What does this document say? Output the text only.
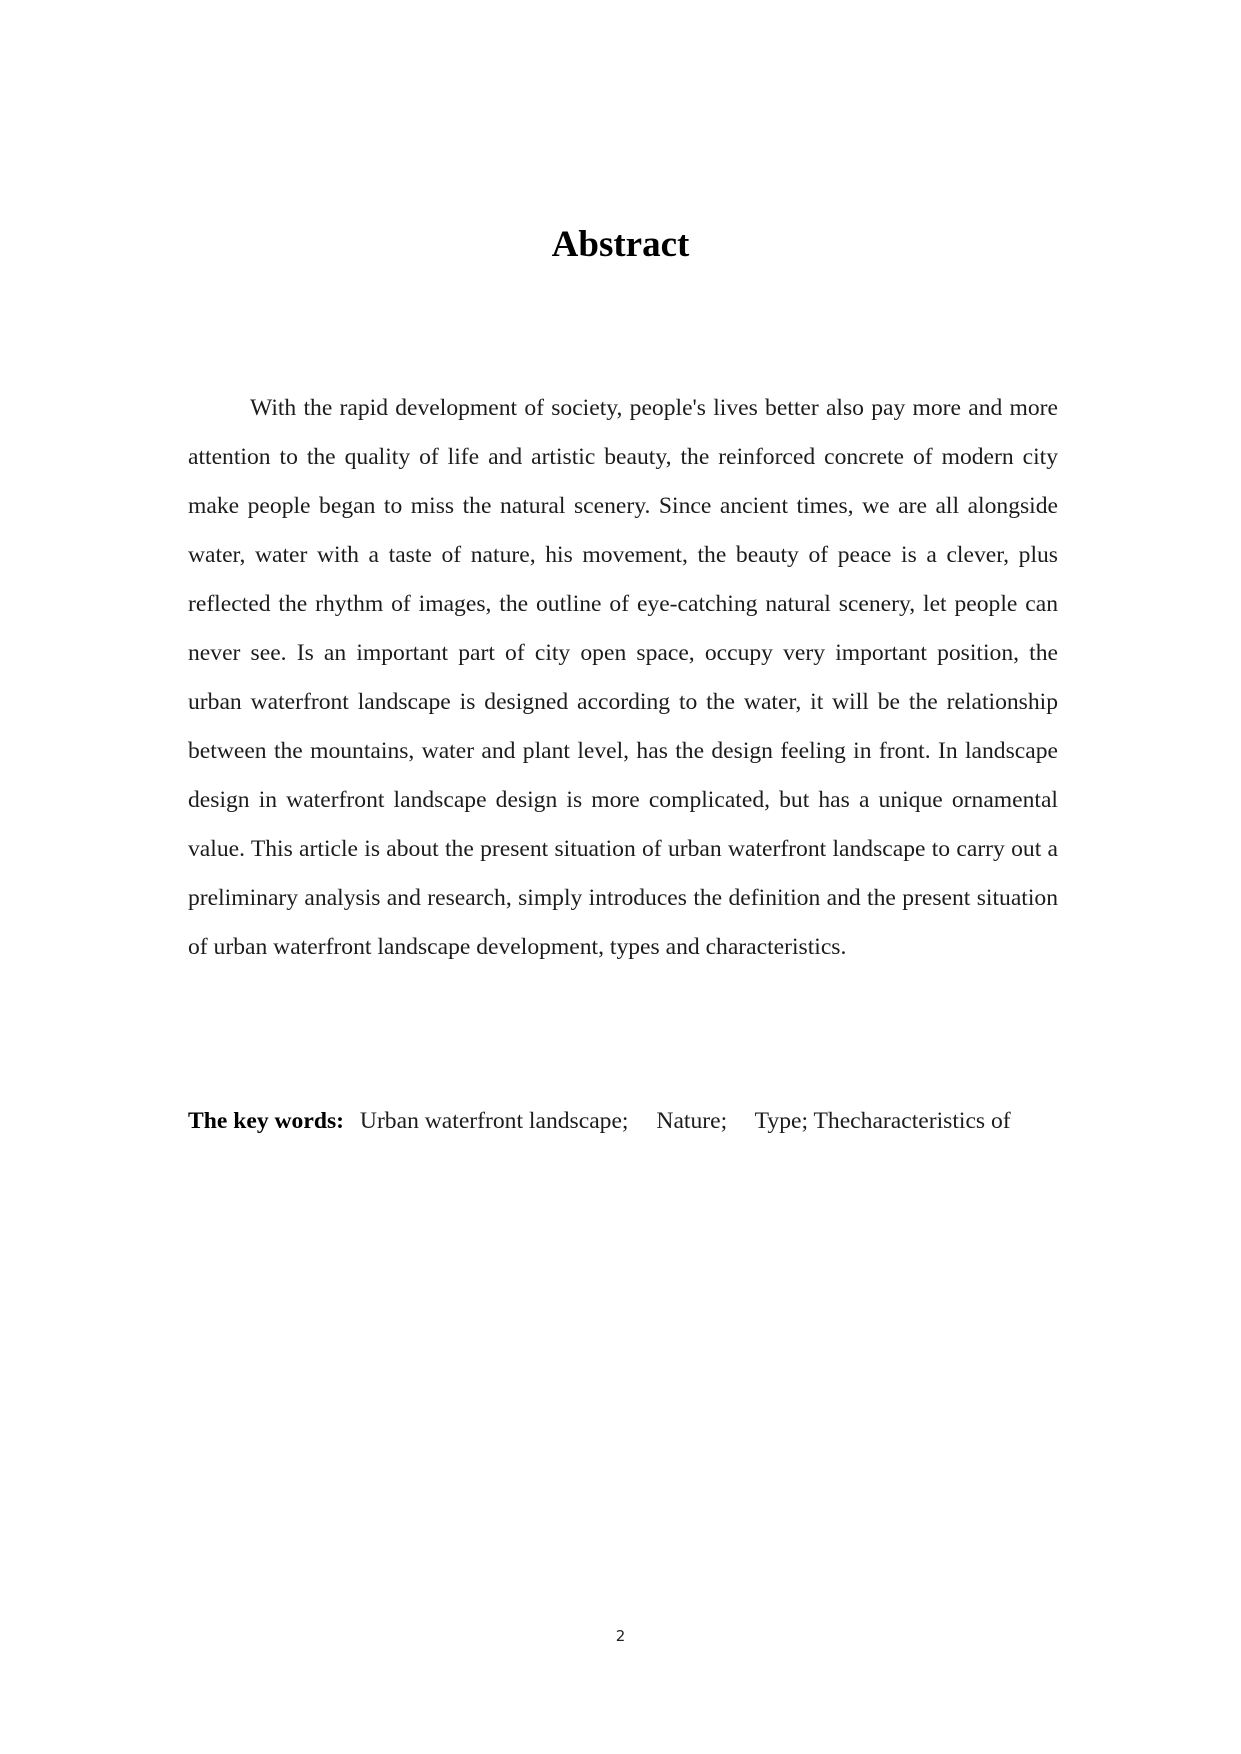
Abstract

With the rapid development of society, people's lives better also pay more and more attention to the quality of life and artistic beauty, the reinforced concrete of modern city make people began to miss the natural scenery. Since ancient times, we are all alongside water, water with a taste of nature, his movement, the beauty of peace is a clever, plus reflected the rhythm of images, the outline of eye-catching natural scenery, let people can never see. Is an important part of city open space, occupy very important position, the urban waterfront landscape is designed according to the water, it will be the relationship between the mountains, water and plant level, has the design feeling in front. In landscape design in waterfront landscape design is more complicated, but has a unique ornamental value. This article is about the present situation of urban waterfront landscape to carry out a preliminary analysis and research, simply introduces the definition and the present situation of urban waterfront landscape development, types and characteristics.

The key words: Urban waterfront landscape; Nature; Type; Thecharacteristics of
2
